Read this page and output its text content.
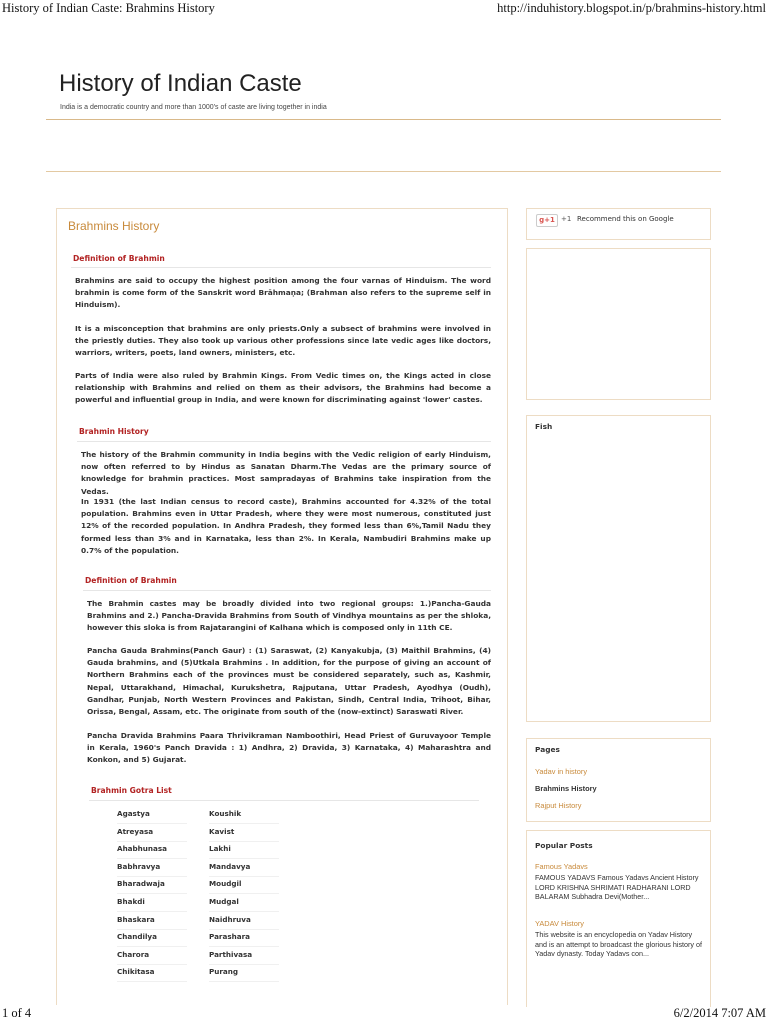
History of Indian Caste: Brahmins History	http://induhistory.blogspot.in/p/brahmins-history.html
History of Indian Caste
India is a democratic country and more than 1000's of caste are living together in india
Brahmins History
Definition of Brahmin
Brahmins are said to occupy the highest position among the four varnas of Hinduism. The word brahmin is come form of the Sanskrit word Brāhmaṇa; (Brahman also refers to the supreme self in Hinduism).
It is a misconception that brahmins are only priests.Only a subsect of brahmins were involved in the priestly duties. They also took up various other professions since late vedic ages like doctors, warriors, writers, poets, land owners, ministers, etc.
Parts of India were also ruled by Brahmin Kings. From Vedic times on, the Kings acted in close relationship with Brahmins and relied on them as their advisors, the Brahmins had become a powerful and influential group in India, and were known for discriminating against 'lower' castes.
Brahmin History
The history of the Brahmin community in India begins with the Vedic religion of early Hinduism, now often referred to by Hindus as Sanatan Dharm.The Vedas are the primary source of knowledge for brahmin practices. Most sampradayas of Brahmins take inspiration from the Vedas.
In 1931 (the last Indian census to record caste), Brahmins accounted for 4.32% of the total population. Brahmins even in Uttar Pradesh, where they were most numerous, constituted just 12% of the recorded population. In Andhra Pradesh, they formed less than 6%,Tamil Nadu they formed less than 3% and in Karnataka, less than 2%. In Kerala, Nambudiri Brahmins make up 0.7% of the population.
Definition of Brahmin
The Brahmin castes may be broadly divided into two regional groups: 1.)Pancha-Gauda Brahmins and 2.) Pancha-Dravida Brahmins from South of Vindhya mountains as per the shloka, however this sloka is from Rajatarangini of Kalhana which is composed only in 11th CE.
Pancha Gauda Brahmins(Panch Gaur) : (1) Saraswat, (2) Kanyakubja, (3) Maithil Brahmins, (4) Gauda brahmins, and (5)Utkala Brahmins . In addition, for the purpose of giving an account of Northern Brahmins each of the provinces must be considered separately, such as, Kashmir, Nepal, Uttarakhand, Himachal, Kurukshetra, Rajputana, Uttar Pradesh, Ayodhya (Oudh), Gandhar, Punjab, North Western Provinces and Pakistan, Sindh, Central India, Trihoot, Bihar, Orissa, Bengal, Assam, etc. The originate from south of the (now-extinct) Saraswati River.
Pancha Dravida Brahmins Paara Thrivikraman Namboothiri, Head Priest of Guruvayoor Temple in Kerala, 1960's Panch Dravida : 1) Andhra, 2) Dravida, 3) Karnataka, 4) Maharashtra and Konkon, and 5) Gujarat.
Brahmin Gotra List
Agastya
Atreyasa
Ahabhunasa
Babhravya
Bharadwaja
Bhakdi
Bhaskara
Chandilya
Charora
Chikitasa
Koushik
Kavist
Lakhi
Mandavya
Moudgil
Mudgal
Naidhruva
Parashara
Parthivasa
Purang
g+1 +1 Recommend this on Google
Fish
Pages
Yadav in history
Brahmins History
Rajput History
Popular Posts
Famous Yadavs
FAMOUS YADAVS Famous Yadavs Ancient History LORD KRISHNA SHRIMATI RADHARANI LORD BALARAM Subhadra Devi(Mother...
YADAV History
This website is an encyclopedia on Yadav History and is an attempt to broadcast the glorious history of Yadav dynasty. Today Yadavs con...
1 of 4	6/2/2014 7:07 AM
